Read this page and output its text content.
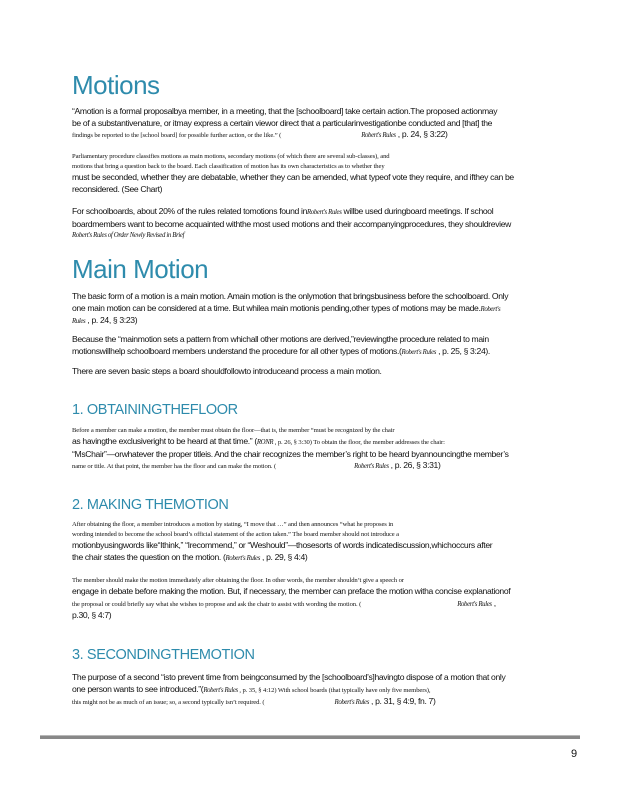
Motions
“Amotion is a formal proposalbya member, in a meeting, that the [schoolboard] take certain action.The proposed actionmay
be of a substantivenature, or itmay express a certain viewor direct that a particularinvestigationbe conducted and [that] the
findings be reported to the [school board] for possible further action, or the like.” (	Robert's Rules , p. 24, § 3:22)
Parliamentary procedure classifies motions as main motions, secondary motions (of which there are several sub-classes), and
motions that bring a question back to the board. Each classification of motion has its own characteristics as to whether they
must be seconded, whether they are debatable, whether they can be amended, what typeof vote they require, and ifthey can be
reconsidered. (See Chart)
For schoolboards, about 20% of the rules related tomotions found inRobert's Rules willbe used duringboard meetings. If school
boardmembers want to become acquainted withthe most used motions and their accompanyingprocedures, they shouldreview
Robert's Rules of Order Newly Revised in Brief
Main Motion
The basic form of a motion is a main motion. Amain motion is the onlymotion that bringsbusiness before the schoolboard. Only
one main motion can be considered at a time. But whilea main motionis pending,other types of motions may be made.Robert's
Rules , p. 24, § 3:23)
Because the “mainmotion sets a pattern from whichall other motions are derived,”reviewingthe procedure related to main
motionswillhelp schoolboard members understand the procedure for all other types of motions.(Robert's Rules , p. 25, § 3:24).
There are seven basic steps a board shouldfollowto introduceand process a main motion.
1. OBTAININGTHEFLOOR
Before a member can make a motion, the member must obtain the floor—that is, the member “must be recognized by the chair
as havingthe exclusiveright to be heard at that time.” (RONR , p. 26, § 3:30) To obtain the floor, the member addresses the chair:
“MsChair”—orwhatever the proper titleis. And the chair recognizes the member’s right to be heard byannouncingthe member’s
name or title. At that point, the member has the floor and can make the motion. (	Robert's Rules , p. 26, § 3:31)
2. MAKING THEMOTION
After obtaining the floor, a member introduces a motion by stating, “I move that …” and then announces “what he proposes in
wording intended to become the school board’s official statement of the action taken.” The board member should not introduce a
motionbyusingwords like“Ithink,” “Irecommend,” or “Weshould”—thosesorts of words indicatediscussion,whichoccurs after
the chair states the question on the motion. (Robert's Rules , p. 29, § 4:4)
The member should make the motion immediately after obtaining the floor. In other words, the member shouldn’t give a speech or
engage in debate before making the motion. But, if necessary, the member can preface the motion witha concise explanationof
the proposal or could briefly say what she wishes to propose and ask the chair to assist with wording the motion. (	Robert's Rules ,
p.30, § 4:7)
3. SECONDINGTHEMOTION
The purpose of a second “isto prevent time from beingconsumed by the [schoolboard’s]havingto dispose of a motion that only
one person wants to see introduced.”(Robert's Rules , p. 35, § 4:12) With school boards (that typically have only five members),
this might not be as much of an issue; so, a second typically isn’t required. (	Robert's Rules , p. 31, § 4:9, fn. 7)
9
